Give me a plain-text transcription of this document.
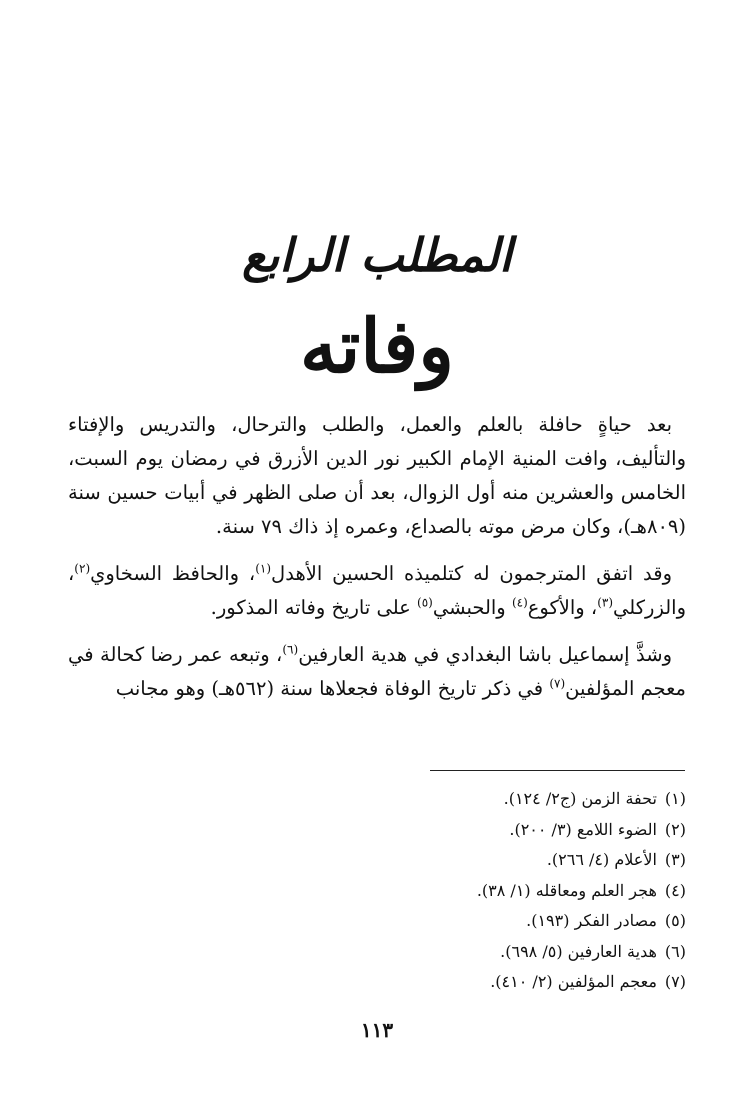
المطلب الرابع
وفاته

بعد حياةٍ حافلة بالعلم والعمل، والطلب والترحال، والتدريس والإفتاء والتأليف، وافت المنية الإمام الكبير نور الدين الأزرق في رمضان يوم السبت، الخامس والعشرين منه أول الزوال، بعد أن صلى الظهر في أبيات حسين سنة (٨٠٩هـ)، وكان مرض موته بالصداع، وعمره إذ ذاك ٧٩ سنة.

وقد اتفق المترجمون له كتلميذه الحسين الأهدل$^{(١)}$، والحافظ السخاوي$^{(٢)}$، والزركلي$^{(٣)}$، والأكوع$^{(٤)}$ والحبشي$^{(٥)}$ على تاريخ وفاته المذكور.

وشذَّ إسماعيل باشا البغدادي في هدية العارفين$^{(٦)}$، وتبعه عمر رضا كحالة في معجم المؤلفين$^{(٧)}$ في ذكر تاريخ الوفاة فجعلاها سنة (٥٦٢هـ) وهو مجانب

(١)تحفة الزمن (ج٢/ ١٢٤).
(٢)الضوء اللامع (٣/ ٢٠٠).
(٣)الأعلام (٤/ ٢٦٦).
(٤)هجر العلم ومعاقله (١/ ٣٨).
(٥)مصادر الفكر (١٩٣).
(٦)هدية العارفين (٥/ ٦٩٨).
(٧)معجم المؤلفين (٢/ ٤١٠).
١١٣
